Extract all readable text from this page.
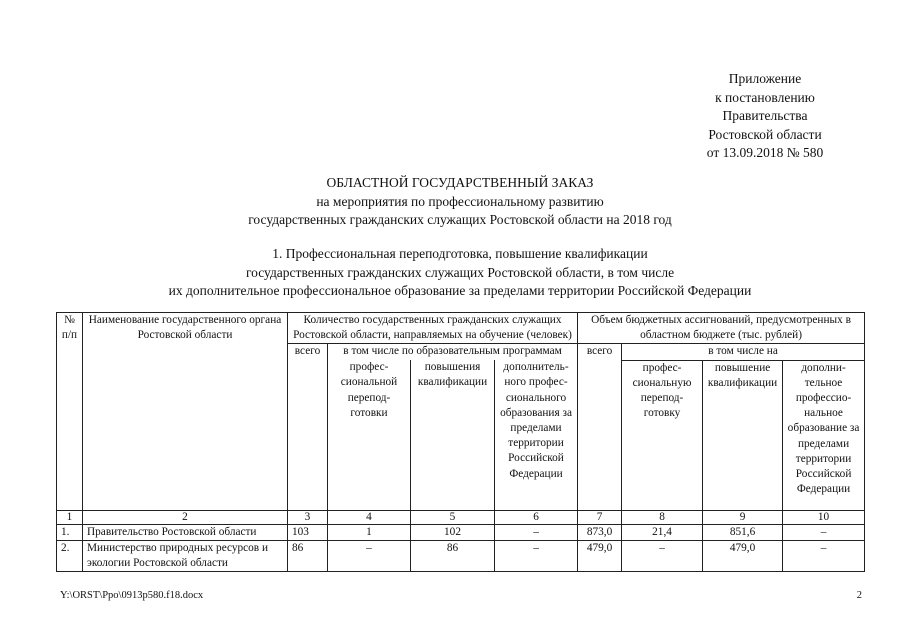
Приложение
к постановлению
Правительства
Ростовской области
от 13.09.2018 № 580
ОБЛАСТНОЙ ГОСУДАРСТВЕННЫЙ ЗАКАЗ
на мероприятия по профессиональному развитию
государственных гражданских служащих Ростовской области на 2018 год
1. Профессиональная переподготовка, повышение квалификации
государственных гражданских служащих Ростовской области, в том числе
их дополнительное профессиональное образование за пределами территории Российской Федерации
№ п/п	Наименование государственного органа Ростовской области	Количество государственных гражданских служащих Ростовской области, направляемых на обучение (человек)				Объем бюджетных ассигнований, предусмотренных в областном бюджете (тыс. рублей)			
		всего	в том числе по образовательным программам			всего	в том числе на		
			профес- сиональной перепод- готовки	повышения квалификации	дополнитель- ного профес- сионального образования за пределами территории Российской Федерации		профес- сиональную перепод- готовку	повышение квалификации	дополни- тельное профессио- нальное образование за пределами территории Российской Федерации
1	2	3	4	5	6	7	8	9	10
1.	Правительство Ростовской области	103	1	102	–	873,0	21,4	851,6	–
2.	Министерство природных ресурсов и экологии Ростовской области	86	–	86	–	479,0	–	479,0	–
Y:\ORST\Ppo\0913p580.f18.docx	2
